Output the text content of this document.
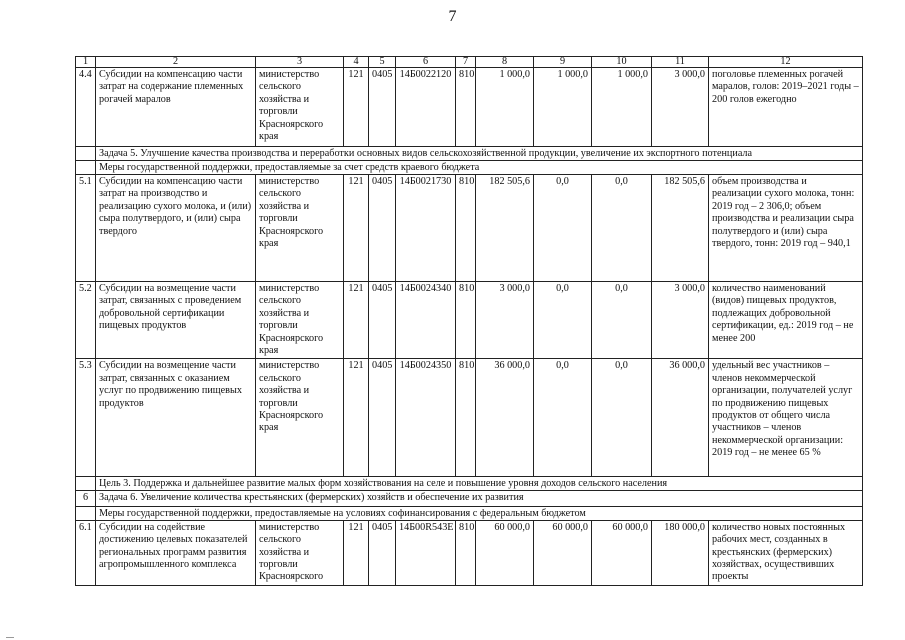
7
1	2	3	4	5	6	7	8	9	10	11	12
4.4	Субсидии на компенсацию части затрат на содержание племенных рогачей маралов	министерство сельского хозяйства и торговли Красноярского края	121	0405	14Б0022120	810	1 000,0	1 000,0	1 000,0	3 000,0	поголовье племенных рогачей маралов, голов: 2019–2021 годы – 200 голов ежегодно
	Задача 5. Улучшение качества производства и переработки основных видов сельскохозяйственной продукции, увеличение их экспортного потенциала										
	Меры государственной поддержки, предоставляемые за счет средств краевого бюджета										
5.1	Субсидии на компенсацию части затрат на производство и реализацию сухого молока, и (или) сыра полутвердого, и (или) сыра твердого	министерство сельского хозяйства и торговли Красноярского края	121	0405	14Б0021730	810	182 505,6	0,0	0,0	182 505,6	объем производства и реализации сухого молока, тонн: 2019 год – 2 306,0; объем производства и реализации сыра полутвердого и (или) сыра твердого, тонн: 2019 год – 940,1
5.2	Субсидии на возмещение части затрат, связанных с проведением добровольной сертификации пищевых продуктов	министерство сельского хозяйства и торговли Красноярского края	121	0405	14Б0024340	810	3 000,0	0,0	0,0	3 000,0	количество наименований (видов) пищевых продуктов, подлежащих добровольной сертификации, ед.: 2019 год – не менее 200
5.3	Субсидии на возмещение части затрат, связанных с оказанием услуг по продвижению пищевых продуктов	министерство сельского хозяйства и торговли Красноярского края	121	0405	14Б0024350	810	36 000,0	0,0	0,0	36 000,0	удельный вес участников – членов некоммерческой организации, получателей услуг по продвижению пищевых продуктов от общего числа участников – членов некоммерческой организации: 2019 год – не менее 65 %
	Цель 3. Поддержка и дальнейшее развитие малых форм хозяйствования на селе и повышение уровня доходов сельского населения										
6	Задача 6. Увеличение количества крестьянских (фермерских) хозяйств и обеспечение их развития										
	Меры государственной поддержки, предоставляемые на условиях софинансирования с федеральным бюджетом										
6.1	Субсидии на содействие достижению целевых показателей региональных программ развития агропромышленного комплекса	министерство сельского хозяйства и торговли Красноярского	121	0405	14Б00R543Е	810	60 000,0	60 000,0	60 000,0	180 000,0	количество новых постоянных рабочих мест, созданных в крестьянских (фермерских) хозяйствах, осуществивших проекты
